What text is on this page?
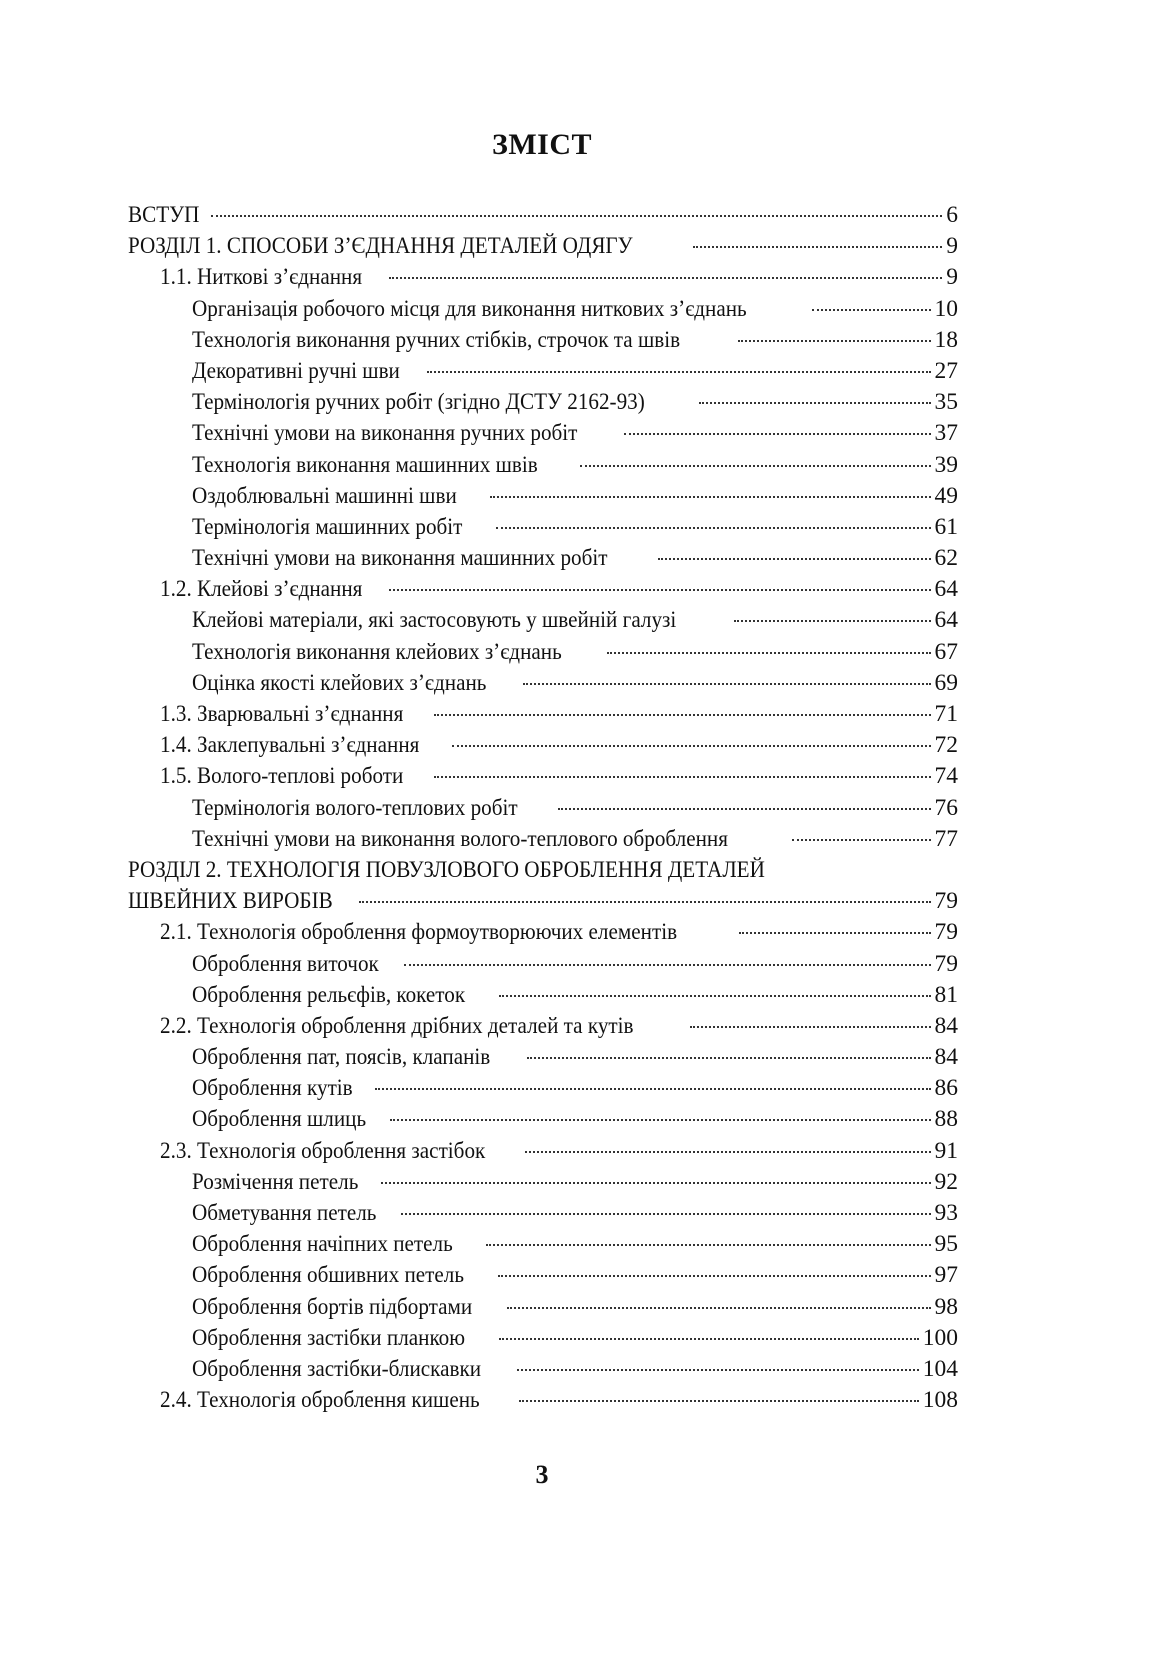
ЗМІСТ
ВСТУП	6
РОЗДІЛ 1. СПОСОБИ З’ЄДНАННЯ ДЕТАЛЕЙ ОДЯГУ	9
1.1. Ниткові з’єднання	9
Організація робочого місця для виконання ниткових з’єднань	10
Технологія виконання ручних стібків, строчок та швів	18
Декоративні ручні шви	27
Термінологія ручних робіт (згідно ДСТУ 2162-93)	35
Технічні умови на виконання ручних робіт	37
Технологія виконання машинних швів	39
Оздоблювальні машинні шви	49
Термінологія машинних робіт	61
Технічні умови на виконання машинних робіт	62
1.2. Клейові з’єднання	64
Клейові матеріали, які застосовують у швейній галузі	64
Технологія виконання клейових з’єднань	67
Оцінка якості клейових з’єднань	69
1.3. Зварювальні з’єднання	71
1.4. Заклепувальні з’єднання	72
1.5. Волого-теплові роботи	74
Термінологія волого-теплових робіт	76
Технічні умови на виконання волого-теплового оброблення	77
РОЗДІЛ 2. ТЕХНОЛОГІЯ ПОВУЗЛОВОГО ОБРОБЛЕННЯ ДЕТАЛЕЙ
ШВЕЙНИХ ВИРОБІВ	79
2.1. Технологія оброблення формоутворюючих елементів	79
Оброблення виточок	79
Оброблення рельєфів, кокеток	81
2.2. Технологія оброблення дрібних деталей та кутів	84
Оброблення пат, поясів, клапанів	84
Оброблення кутів	86
Оброблення шлиць	88
2.3. Технологія оброблення застібок	91
Розмічення петель	92
Обметування петель	93
Оброблення начіпних петель	95
Оброблення обшивних петель	97
Оброблення бортів підбортами	98
Оброблення застібки планкою	100
Оброблення застібки-блискавки	104
2.4. Технологія оброблення кишень	108
3
